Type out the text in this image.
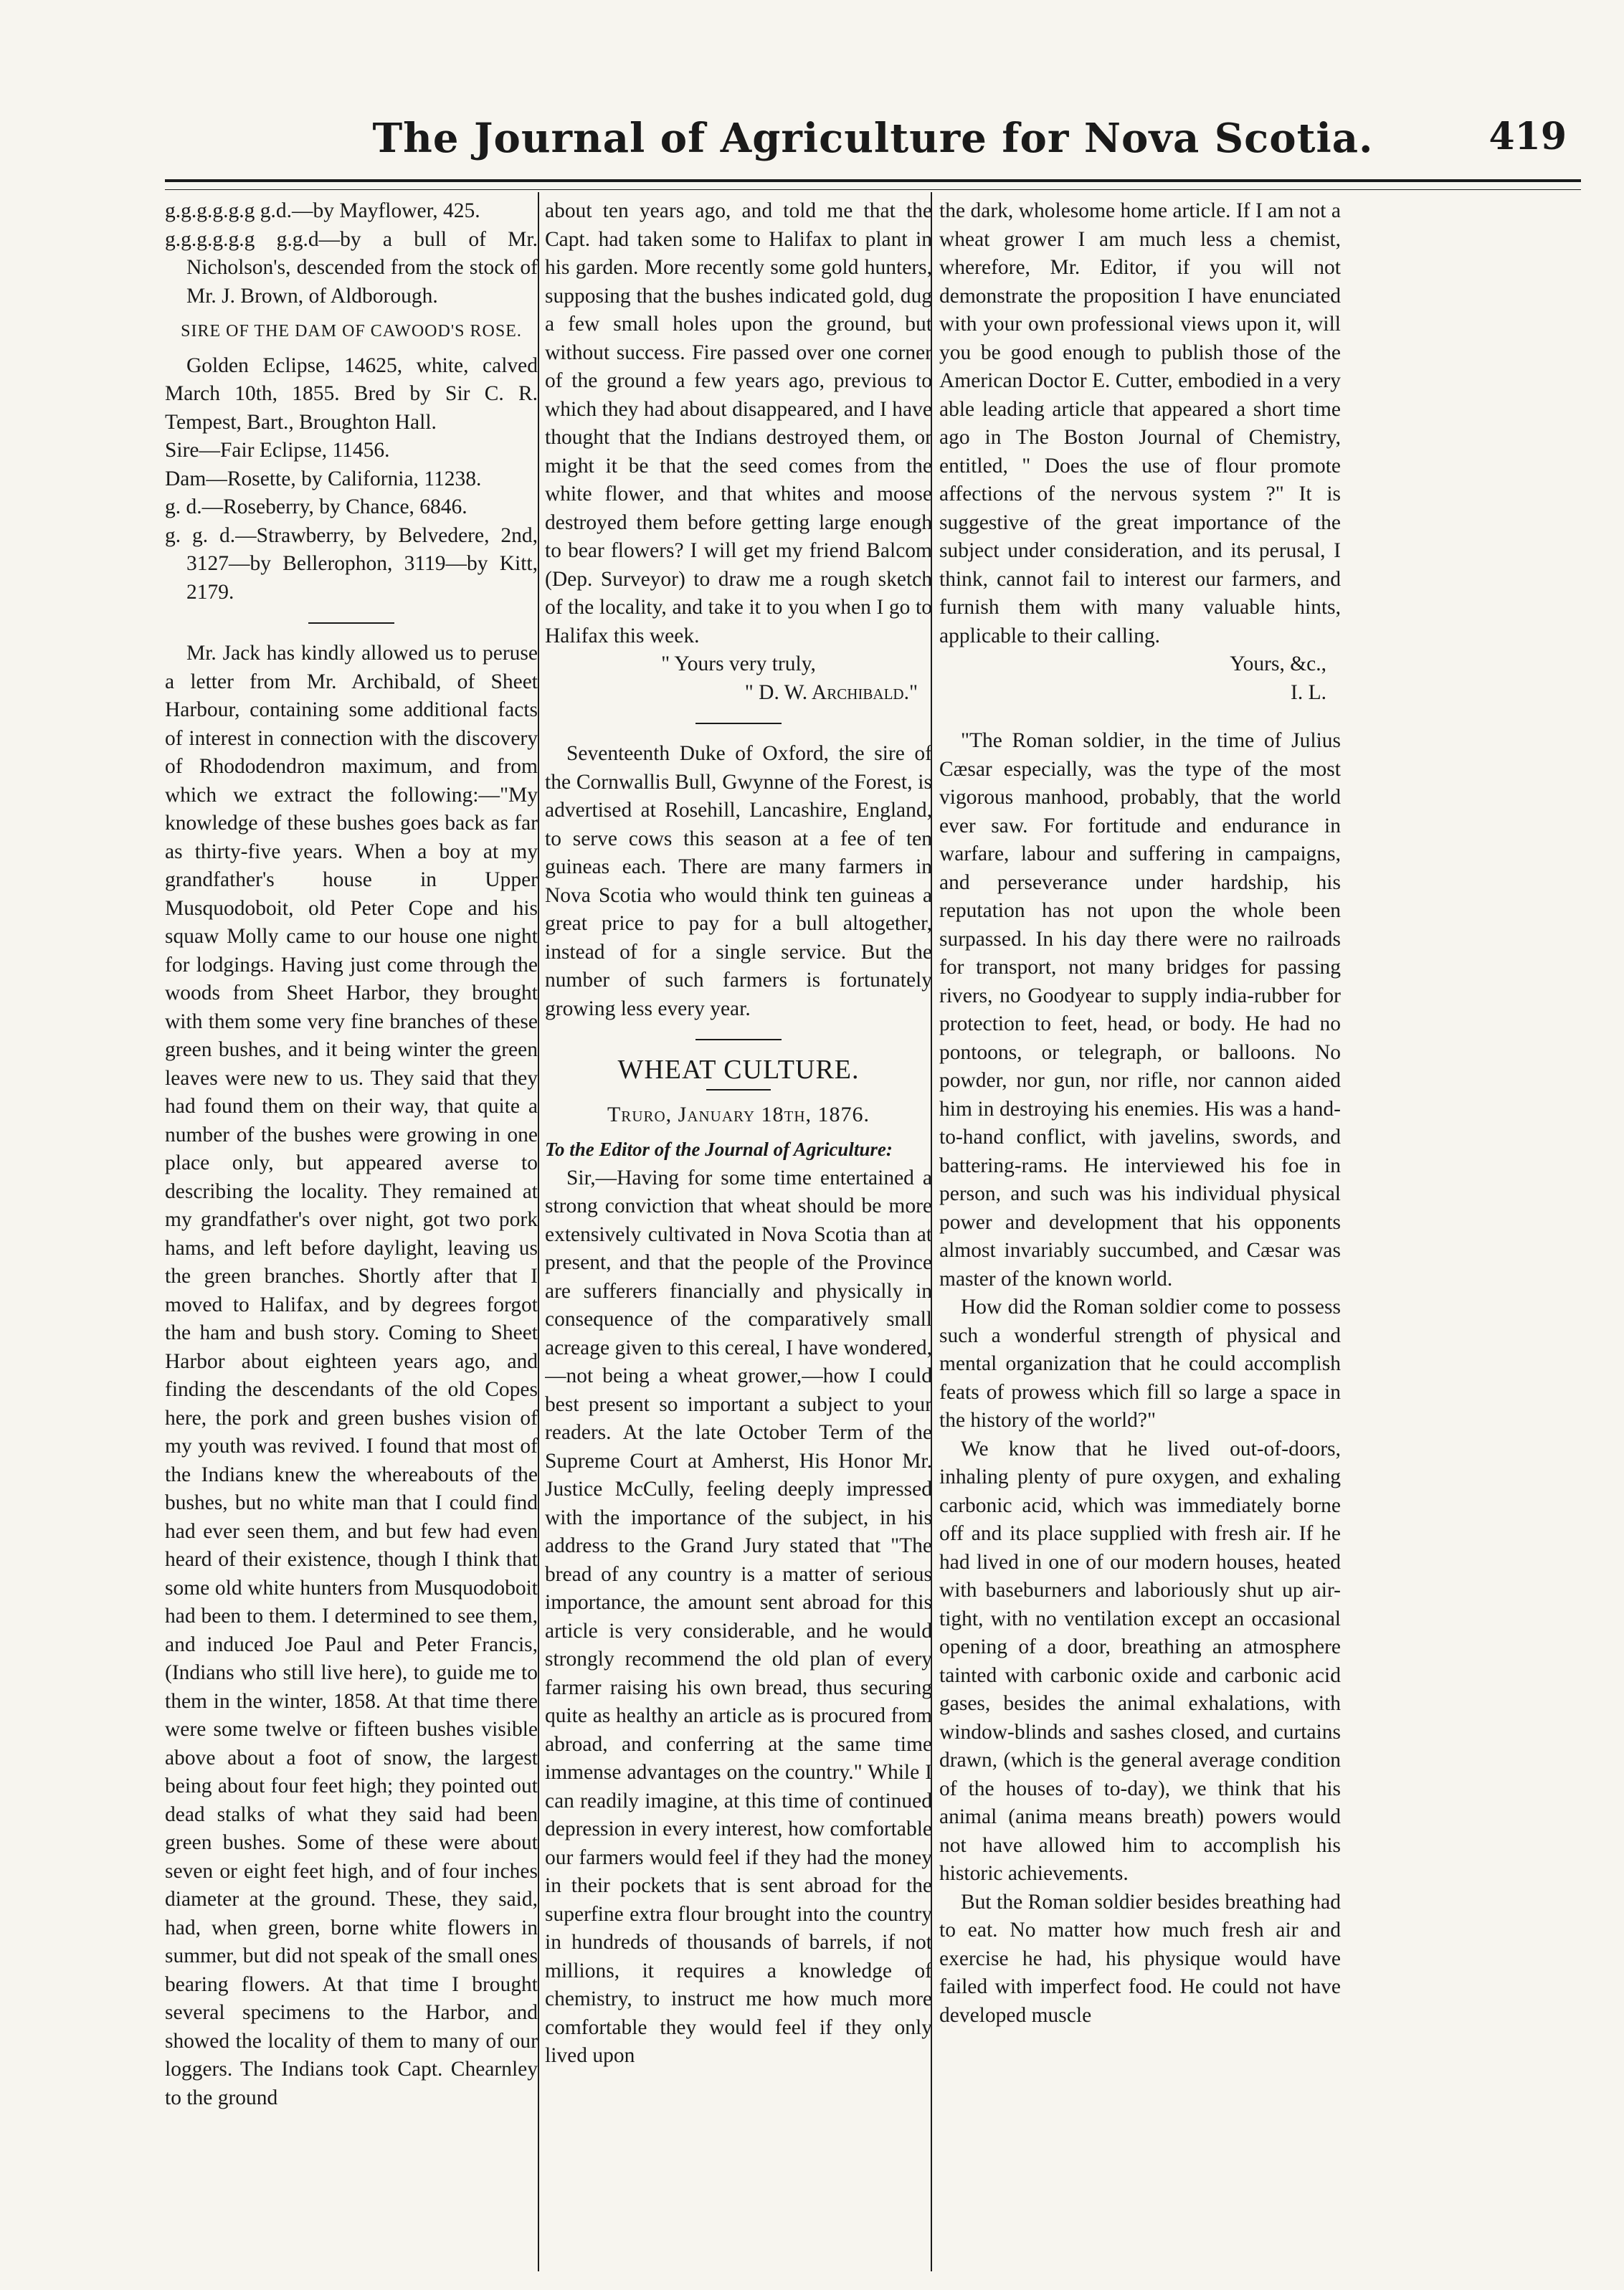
The Journal of Agriculture for Nova Scotia.	419

g.g.g.g.g.g g.d.—by Mayflower, 425.

g.g.g.g.g.g g.g.d—by a bull of Mr. Nicholson's, descended from the stock of Mr. J. Brown, of Aldborough.

SIRE OF THE DAM OF CAWOOD'S ROSE.

Golden Eclipse, 14625, white, calved March 10th, 1855. Bred by Sir C. R. Tempest, Bart., Broughton Hall.

Sire—Fair Eclipse, 11456.

Dam—Rosette, by California, 11238.

g. d.—Roseberry, by Chance, 6846.

g. g. d.—Strawberry, by Belvedere, 2nd, 3127—by Bellerophon, 3119—by Kitt, 2179.

Mr. Jack has kindly allowed us to peruse a letter from Mr. Archibald, of Sheet Harbour, containing some additional facts of interest in connection with the discovery of Rhododendron maximum, and from which we extract the following:—"My knowledge of these bushes goes back as far as thirty-five years. When a boy at my grandfather's house in Upper Musquodoboit, old Peter Cope and his squaw Molly came to our house one night for lodgings. Having just come through the woods from Sheet Harbor, they brought with them some very fine branches of these green bushes, and it being winter the green leaves were new to us. They said that they had found them on their way, that quite a number of the bushes were growing in one place only, but appeared averse to describing the locality. They remained at my grandfather's over night, got two pork hams, and left before daylight, leaving us the green branches. Shortly after that I moved to Halifax, and by degrees forgot the ham and bush story. Coming to Sheet Harbor about eighteen years ago, and finding the descendants of the old Copes here, the pork and green bushes vision of my youth was revived. I found that most of the Indians knew the whereabouts of the bushes, but no white man that I could find had ever seen them, and but few had even heard of their existence, though I think that some old white hunters from Musquodoboit had been to them. I determined to see them, and induced Joe Paul and Peter Francis, (Indians who still live here), to guide me to them in the winter, 1858. At that time there were some twelve or fifteen bushes visible above about a foot of snow, the largest being about four feet high; they pointed out dead stalks of what they said had been green bushes. Some of these were about seven or eight feet high, and of four inches diameter at the ground. These, they said, had, when green, borne white flowers in summer, but did not speak of the small ones bearing flowers. At that time I brought several specimens to the Harbor, and showed the locality of them to many of our loggers. The Indians took Capt. Chearnley to the ground

about ten years ago, and told me that the Capt. had taken some to Halifax to plant in his garden. More recently some gold hunters, supposing that the bushes indicated gold, dug a few small holes upon the ground, but without success. Fire passed over one corner of the ground a few years ago, previous to which they had about disappeared, and I have thought that the Indians destroyed them, or might it be that the seed comes from the white flower, and that whites and moose destroyed them before getting large enough to bear flowers? I will get my friend Balcom (Dep. Surveyor) to draw me a rough sketch of the locality, and take it to you when I go to Halifax this week.

" Yours very truly,

" D. W. Archibald."

Seventeenth Duke of Oxford, the sire of the Cornwallis Bull, Gwynne of the Forest, is advertised at Rosehill, Lancashire, England, to serve cows this season at a fee of ten guineas each. There are many farmers in Nova Scotia who would think ten guineas a great price to pay for a bull altogether, instead of for a single service. But the number of such farmers is fortunately growing less every year.

WHEAT CULTURE.

Truro, January 18th, 1876.

To the Editor of the Journal of Agriculture:

Sir,—Having for some time entertained a strong conviction that wheat should be more extensively cultivated in Nova Scotia than at present, and that the people of the Province are sufferers financially and physically in consequence of the comparatively small acreage given to this cereal, I have wondered,—not being a wheat grower,—how I could best present so important a subject to your readers. At the late October Term of the Supreme Court at Amherst, His Honor Mr. Justice McCully, feeling deeply impressed with the importance of the subject, in his address to the Grand Jury stated that "The bread of any country is a matter of serious importance, the amount sent abroad for this article is very considerable, and he would strongly recommend the old plan of every farmer raising his own bread, thus securing quite as healthy an article as is procured from abroad, and conferring at the same time immense advantages on the country." While I can readily imagine, at this time of continued depression in every interest, how comfortable our farmers would feel if they had the money in their pockets that is sent abroad for the superfine extra flour brought into the country in hundreds of thousands of barrels, if not millions, it requires a knowledge of chemistry, to instruct me how much more comfortable they would feel if they only lived upon

the dark, wholesome home article. If I am not a wheat grower I am much less a chemist, wherefore, Mr. Editor, if you will not demonstrate the proposition I have enunciated with your own professional views upon it, will you be good enough to publish those of the American Doctor E. Cutter, embodied in a very able leading article that appeared a short time ago in The Boston Journal of Chemistry, entitled, " Does the use of flour promote affections of the nervous system ?" It is suggestive of the great importance of the subject under consideration, and its perusal, I think, cannot fail to interest our farmers, and furnish them with many valuable hints, applicable to their calling.

Yours, &c.,

I. L.

"The Roman soldier, in the time of Julius Cæsar especially, was the type of the most vigorous manhood, probably, that the world ever saw. For fortitude and endurance in warfare, labour and suffering in campaigns, and perseverance under hardship, his reputation has not upon the whole been surpassed. In his day there were no railroads for transport, not many bridges for passing rivers, no Goodyear to supply india-rubber for protection to feet, head, or body. He had no pontoons, or telegraph, or balloons. No powder, nor gun, nor rifle, nor cannon aided him in destroying his enemies. His was a hand-to-hand conflict, with javelins, swords, and battering-rams. He interviewed his foe in person, and such was his individual physical power and development that his opponents almost invariably succumbed, and Cæsar was master of the known world.

How did the Roman soldier come to possess such a wonderful strength of physical and mental organization that he could accomplish feats of prowess which fill so large a space in the history of the world?"

We know that he lived out-of-doors, inhaling plenty of pure oxygen, and exhaling carbonic acid, which was immediately borne off and its place supplied with fresh air. If he had lived in one of our modern houses, heated with baseburners and laboriously shut up air-tight, with no ventilation except an occasional opening of a door, breathing an atmosphere tainted with carbonic oxide and carbonic acid gases, besides the animal exhalations, with window-blinds and sashes closed, and curtains drawn, (which is the general average condition of the houses of to-day), we think that his animal (anima means breath) powers would not have allowed him to accomplish his historic achievements.

But the Roman soldier besides breathing had to eat. No matter how much fresh air and exercise he had, his physique would have failed with imperfect food. He could not have developed muscle
